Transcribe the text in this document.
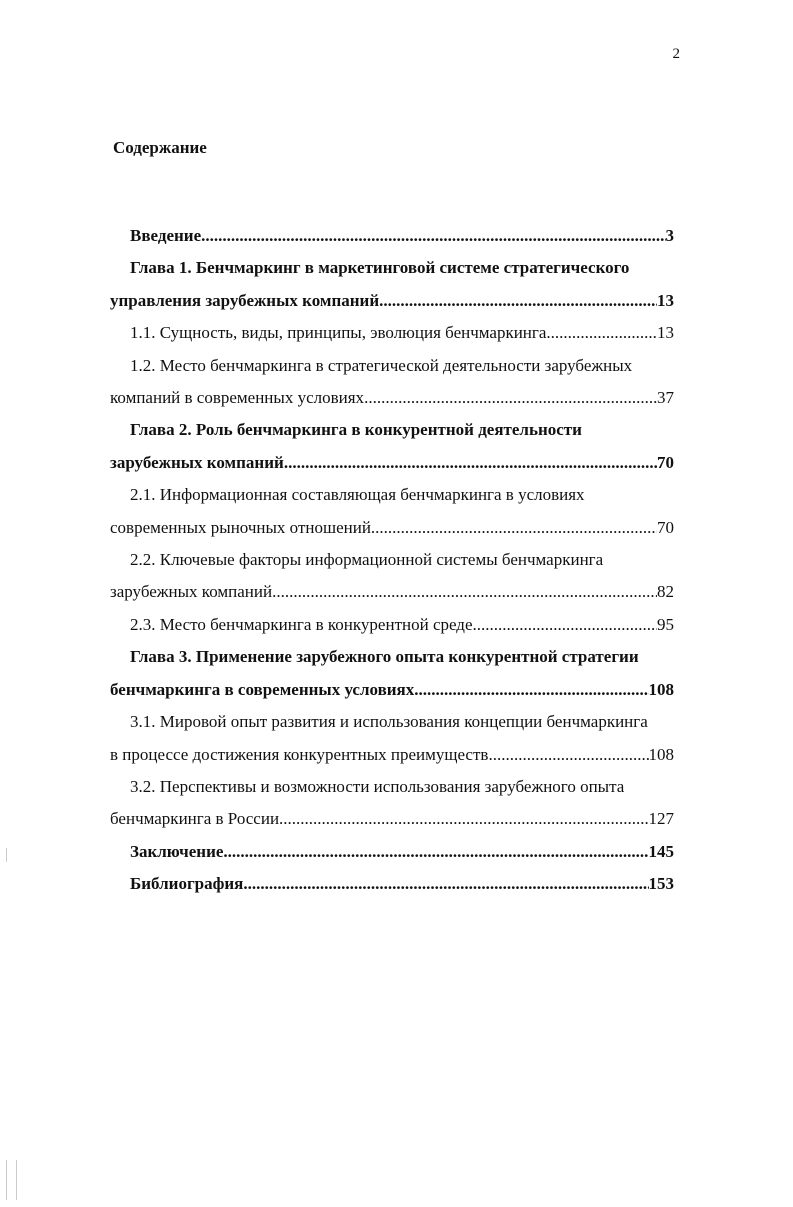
2
Содержание
Введение .....	3
Глава 1. Бенчмаркинг в маркетинговой системе стратегического
управления зарубежных компаний. .....	13
1.1. Сущность, виды, принципы, эволюция бенчмаркинга. .....	13
1.2. Место бенчмаркинга в стратегической деятельности зарубежных
компаний в современных условиях .....	37
Глава 2. Роль бенчмаркинга в конкурентной деятельности
зарубежных компаний .....	70
2.1. Информационная составляющая бенчмаркинга в условиях
современных рыночных отношений. .....	70
2.2. Ключевые факторы информационной системы бенчмаркинга
зарубежных компаний. .....	82
2.3. Место бенчмаркинга в конкурентной среде. .....	95
Глава 3. Применение зарубежного опыта конкурентной стратегии
бенчмаркинга в современных условиях .....	108
3.1. Мировой опыт развития и использования концепции бенчмаркинга
в процессе достижения конкурентных преимуществ .....	108
3.2. Перспективы и возможности использования зарубежного опыта
бенчмаркинга в России. .....	127
Заключение. .....	145
Библиография .....	153
